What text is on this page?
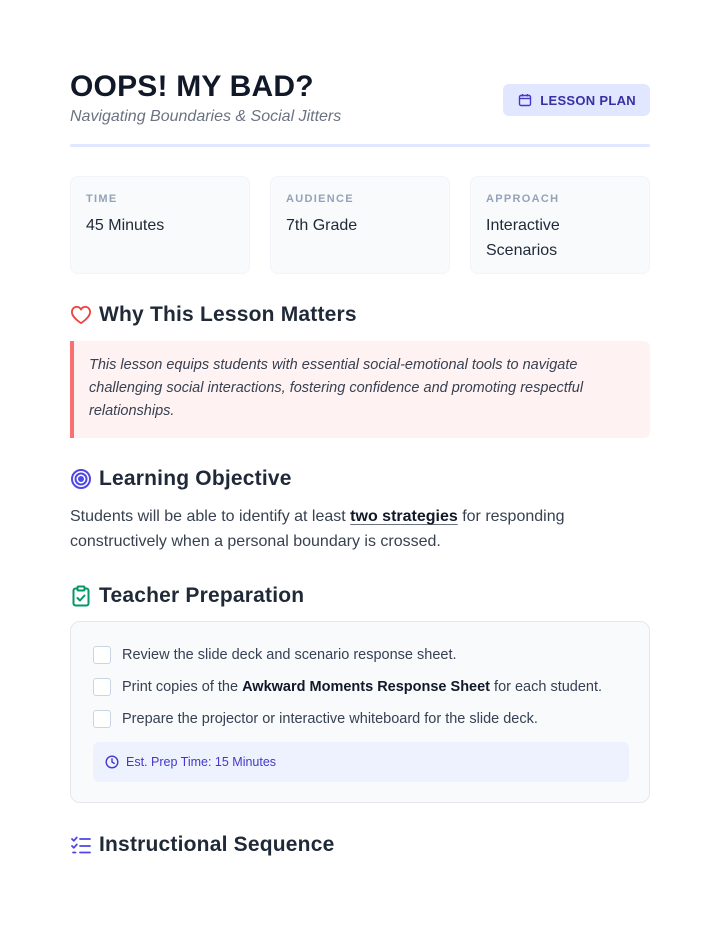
OOPS! MY BAD?
Navigating Boundaries & Social Jitters
LESSON PLAN
TIME
45 Minutes
AUDIENCE
7th Grade
APPROACH
Interactive Scenarios
Why This Lesson Matters
This lesson equips students with essential social-emotional tools to navigate challenging social interactions, fostering confidence and promoting respectful relationships.
Learning Objective
Students will be able to identify at least two strategies for responding constructively when a personal boundary is crossed.
Teacher Preparation
Review the slide deck and scenario response sheet.
Print copies of the Awkward Moments Response Sheet for each student.
Prepare the projector or interactive whiteboard for the slide deck.
Est. Prep Time: 15 Minutes
Instructional Sequence
